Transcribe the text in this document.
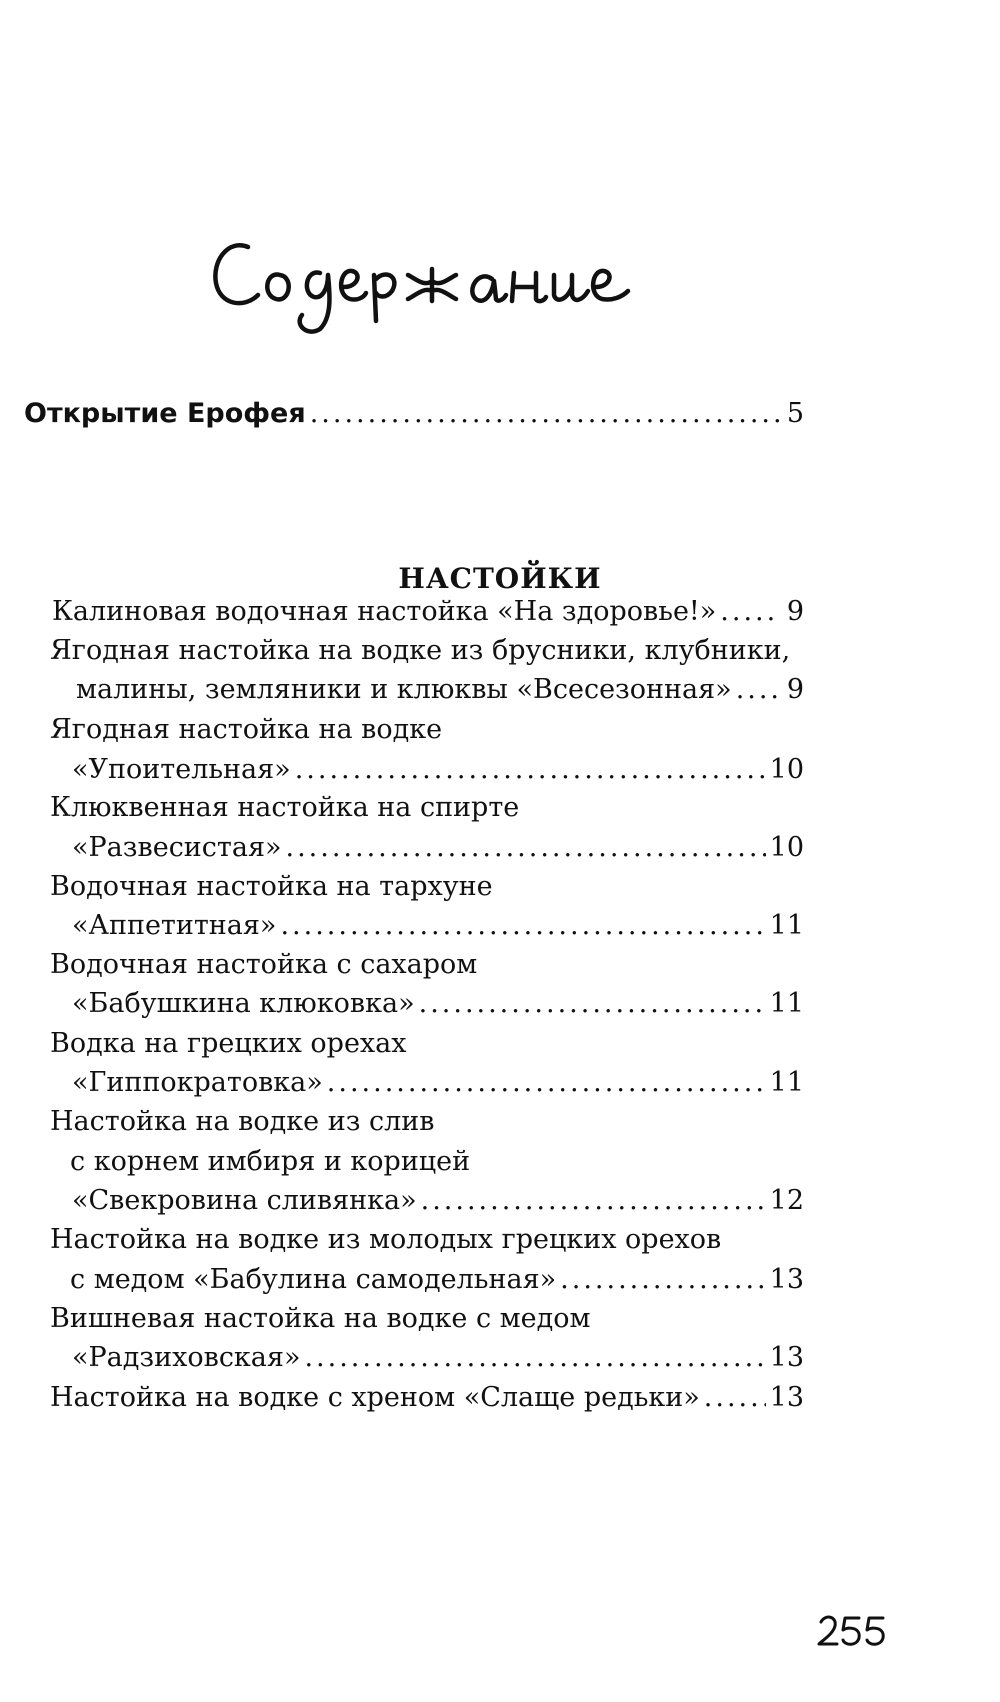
Открытие Ерофея .....	5
НАСТОЙКИ
Калиновая водочная настойка «На здоровье!» .....	9
Ягодная настойка на водке из брусники, клубники,
малины, земляники и клюквы «Всесезонная» ..... 9
Ягодная настойка на водке
«Упоительная» .....	10
Клюквенная настойка на спирте
«Развесистая» .....	10
Водочная настойка на тархуне
«Аппетитная» .....	11
Водочная настойка с сахаром
«Бабушкина клюковка» .....	11
Водка на грецких орехах
«Гиппократовка» .....	11
Настойка на водке из слив
с корнем имбиря и корицей
«Свекровина сливянка» .....	12
Настойка на водке из молодых грецких орехов
с медом «Бабулина самодельная» .....	13
Вишневая настойка на водке с медом
«Радзиховская» .....	13
Настойка на водке с хреном «Слаще редьки» .....	13
